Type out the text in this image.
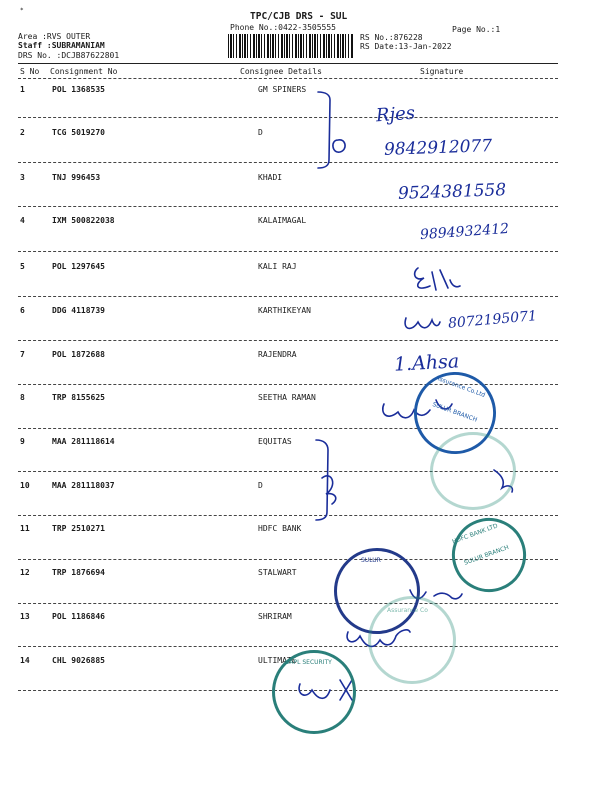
*
TPC/CJB DRS - SUL
Phone No.:0422-3505555	Page No.:1
Area :RVS OUTER
Staff :SUBRAMANIAM
DRS No. :DCJB87622801
RS No.:876228
RS Date:13-Jan-2022
S No Consignment No	Consignee Details	Signature
1	POL 1368535	GM SPINERS
2	TCG 5019270	D
3	TNJ 996453	KHADI
4	IXM 500822038	KALAIMAGAL
5	POL 1297645	KALI RAJ
6	DDG 4118739	KARTHIKEYAN
7	POL 1872688	RAJENDRA
8	TRP 8155625	SEETHA RAMAN
9	MAA 281118614	EQUITAS
10	MAA 281118037	D
11	TRP 2510271	HDFC BANK
12	TRP 1876694	STALWART
13	POL 1186846	SHRIRAM
14	CHL 9026885	ULTIMATE
Rjes
9842912077
9524381558
9894932412
8072195071
1.Ahsa
Assurance Co.Ltd
SULUR BRANCH
HDFC BANK LTD
SULUR BRANCH
SULUR
Assurance Co
UAPL SECURITY
